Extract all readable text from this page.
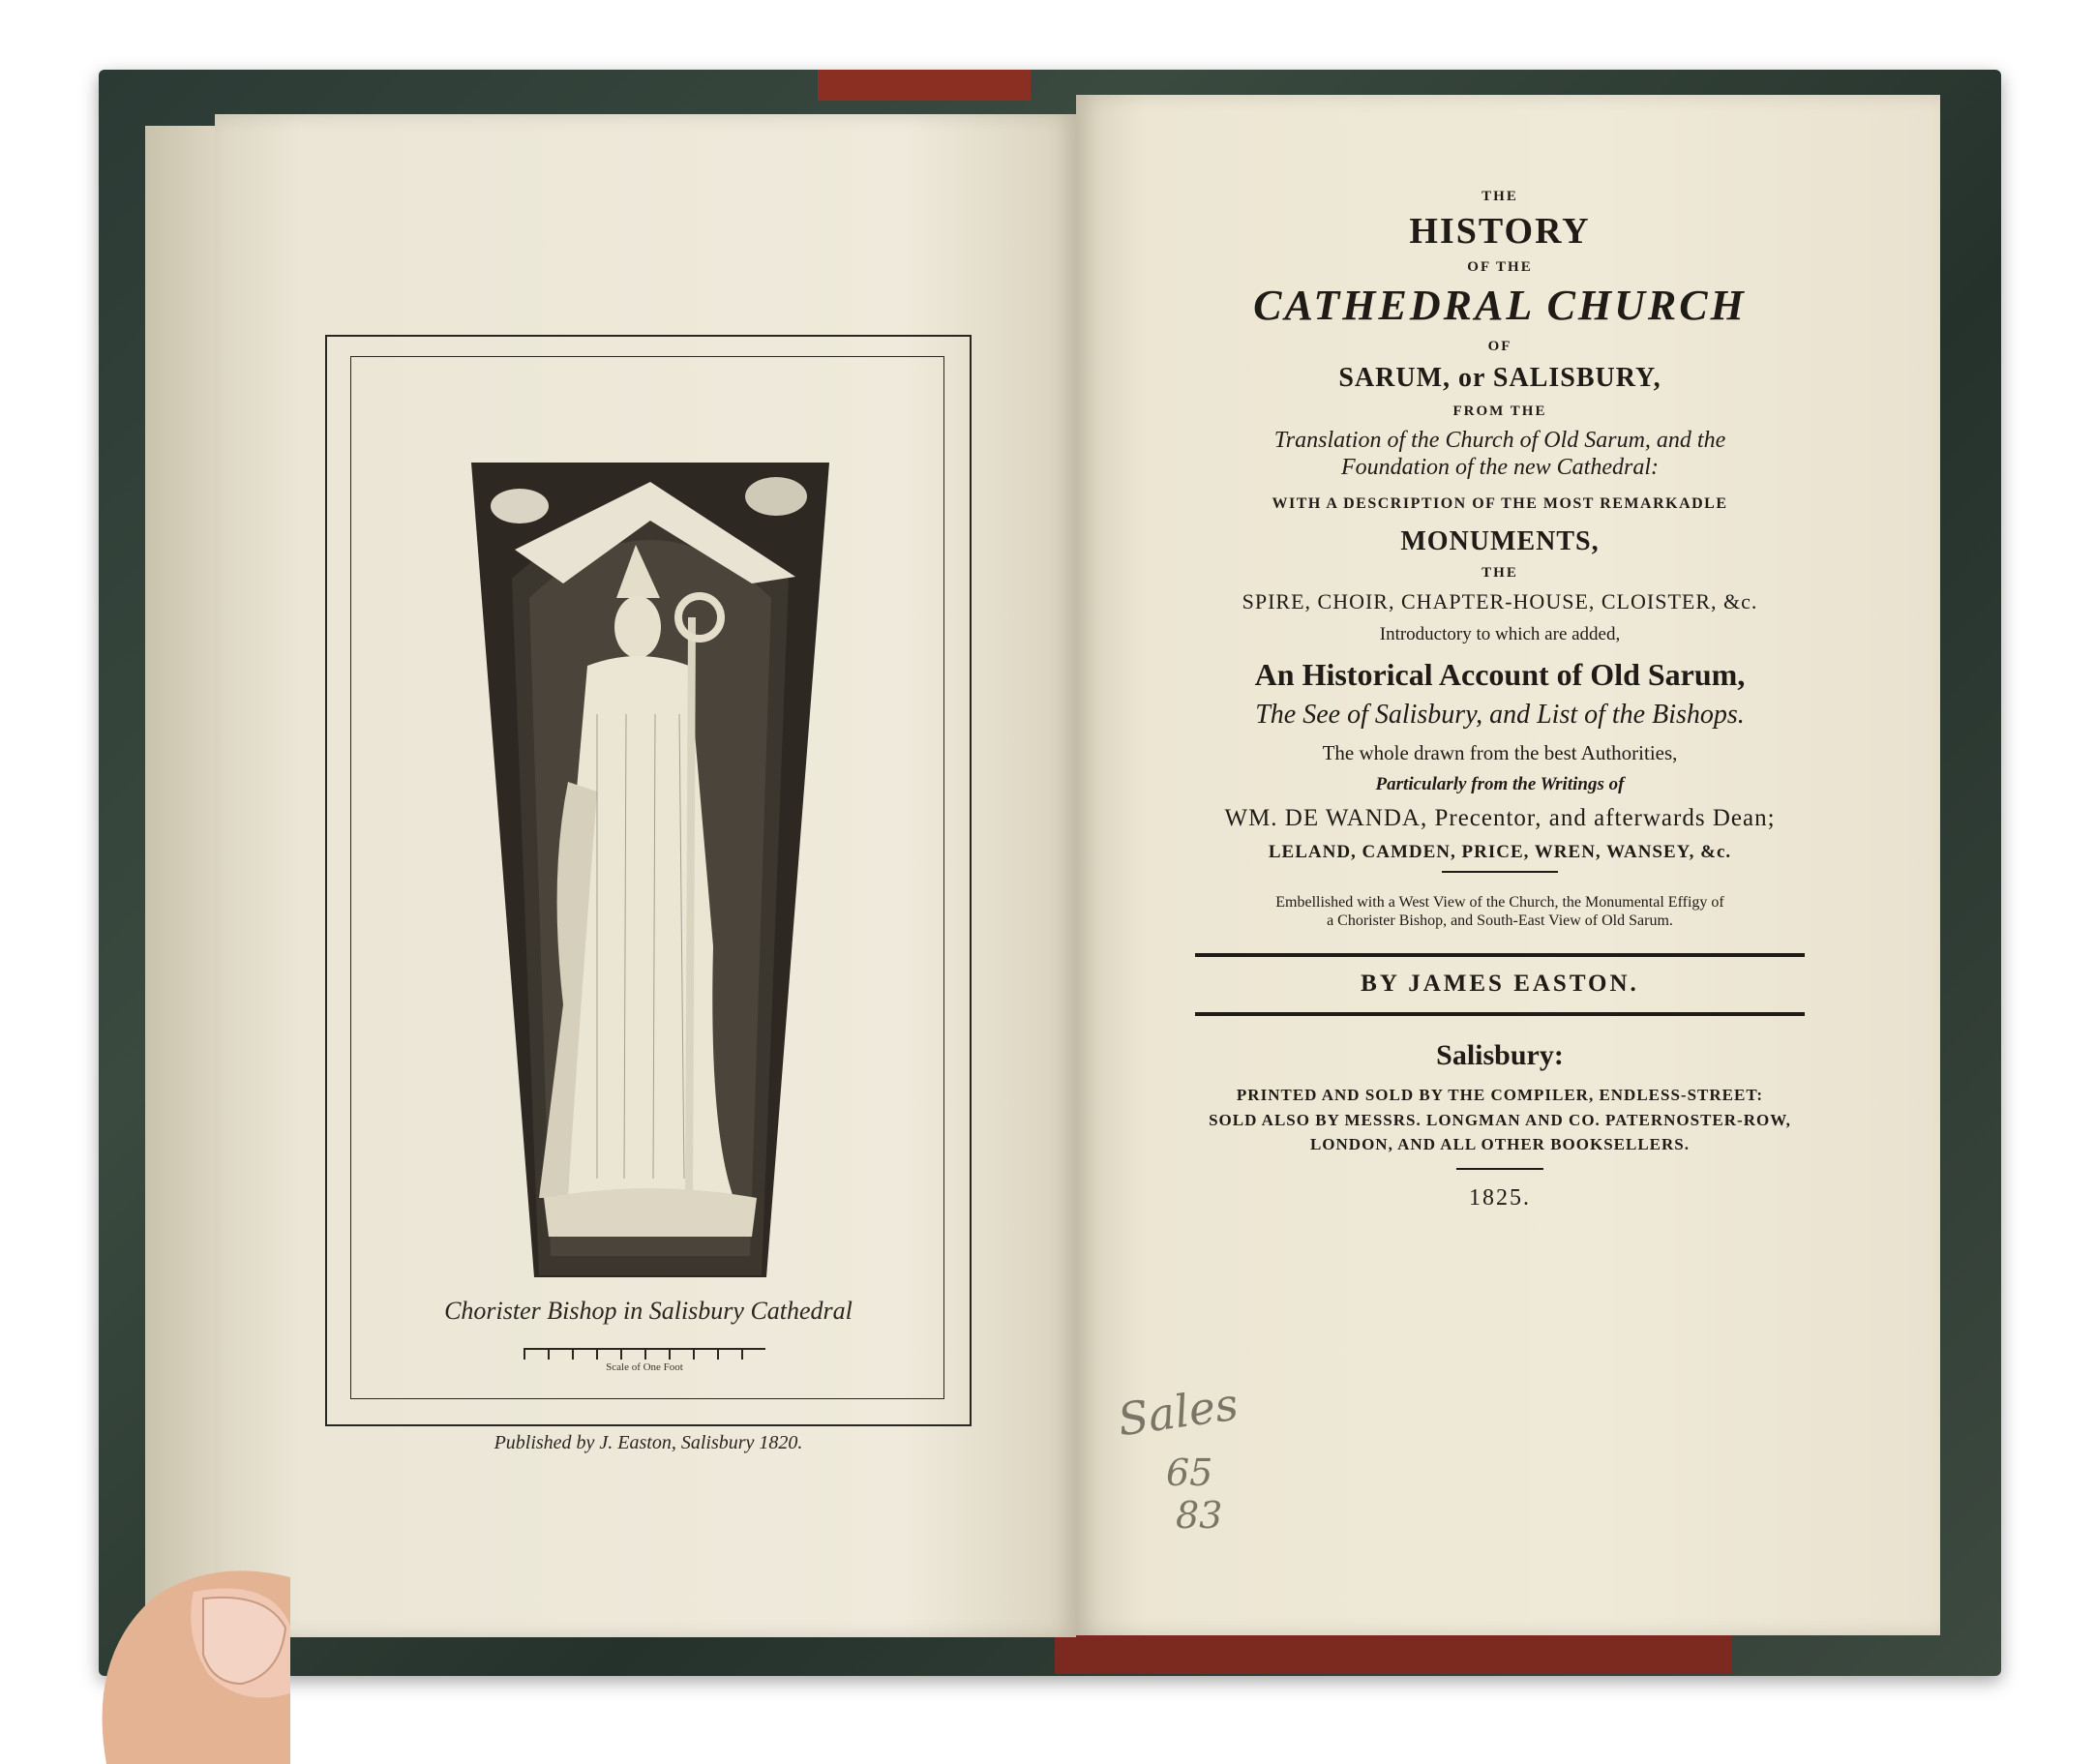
Chorister Bishop in Salisbury Cathedral
Scale of One Foot
Published by J. Easton, Salisbury 1820.
THE
HISTORY
OF THE
CATHEDRAL CHURCH
OF
SARUM, or SALISBURY,
FROM THE
Translation of the Church of Old Sarum, and the
Foundation of the new Cathedral:
WITH A DESCRIPTION OF THE MOST REMARKADLE
MONUMENTS,
THE
SPIRE, CHOIR, CHAPTER-HOUSE, CLOISTER, &c.
Introductory to which are added,
An Historical Account of Old Sarum,
The See of Salisbury, and List of the Bishops.
The whole drawn from the best Authorities,
Particularly from the Writings of
WM. DE WANDA, Precentor, and afterwards Dean;
LELAND, CAMDEN, PRICE, WREN, WANSEY, &c.
Embellished with a West View of the Church, the Monumental Effigy of
a Chorister Bishop, and South-East View of Old Sarum.
BY JAMES EASTON.
Salisbury:
PRINTED AND SOLD BY THE COMPILER, ENDLESS-STREET:
SOLD ALSO BY MESSRS. LONGMAN AND CO. PATERNOSTER-ROW,
LONDON, AND ALL OTHER BOOKSELLERS.
1825.
Sales
65
83
